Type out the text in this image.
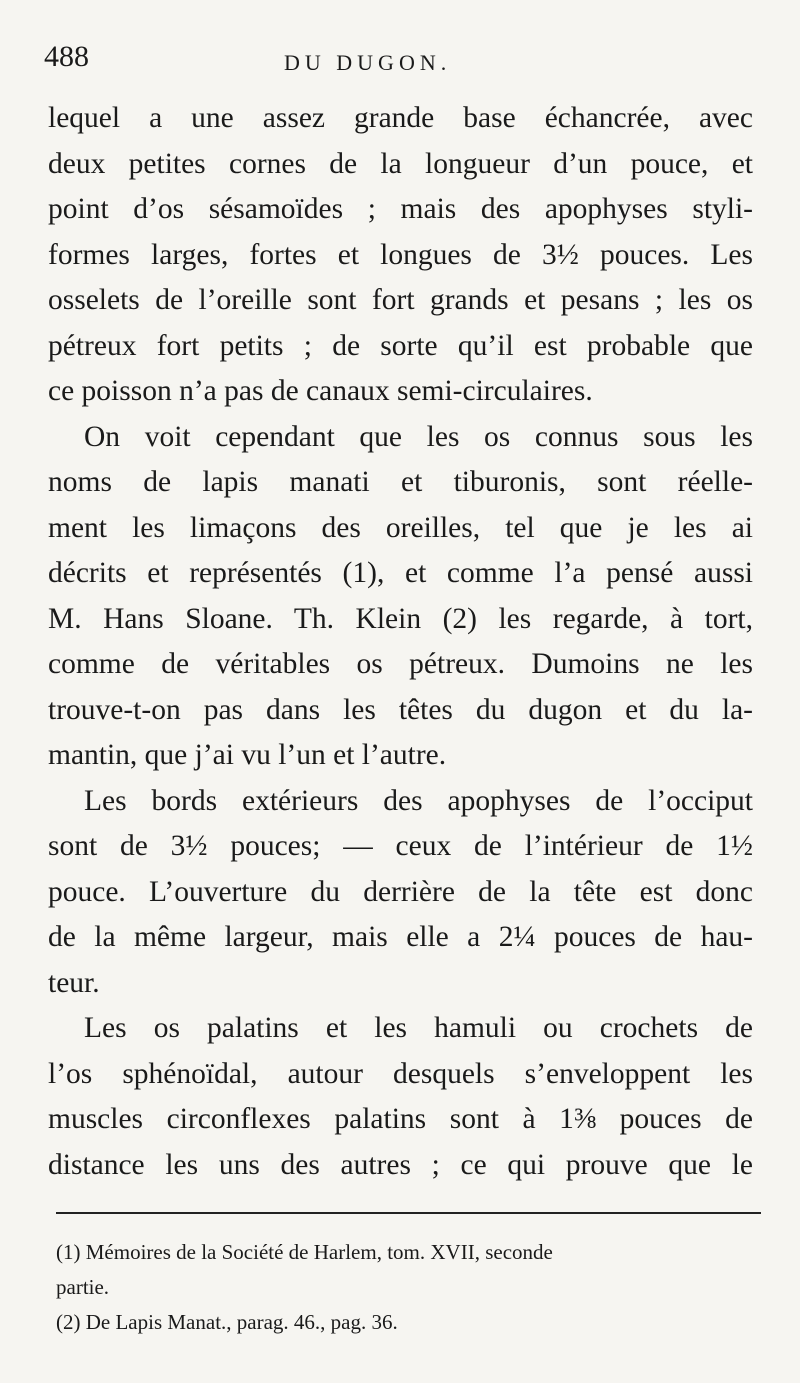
488	DU DUGON.
lequel a une assez grande base échancrée, avec
deux petites cornes de la longueur d’un pouce, et
point d’os sésamoïdes ; mais des apophyses styli-
formes larges, fortes et longues de 3½ pouces. Les
osselets de l’oreille sont fort grands et pesans ; les os
pétreux fort petits ; de sorte qu’il est probable que
ce poisson n’a pas de canaux semi-circulaires.
On voit cependant que les os connus sous les
noms de lapis manati et tiburonis, sont réelle-
ment les limaçons des oreilles, tel que je les ai
décrits et représentés (1), et comme l’a pensé aussi
M. Hans Sloane. Th. Klein (2) les regarde, à tort,
comme de véritables os pétreux. Dumoins ne les
trouve-t-on pas dans les têtes du dugon et du la-
mantin, que j’ai vu l’un et l’autre.
Les bords extérieurs des apophyses de l’occiput
sont de 3½ pouces; — ceux de l’intérieur de 1½
pouce. L’ouverture du derrière de la tête est donc
de la même largeur, mais elle a 2¼ pouces de hau-
teur.
Les os palatins et les hamuli ou crochets de
l’os sphénoïdal, autour desquels s’enveloppent les
muscles circonflexes palatins sont à 1⅜ pouces de
distance les uns des autres ; ce qui prouve que le
(1) Mémoires de la Société de Harlem, tom. XVII, seconde
partie.
(2) De Lapis Manat., parag. 46., pag. 36.
